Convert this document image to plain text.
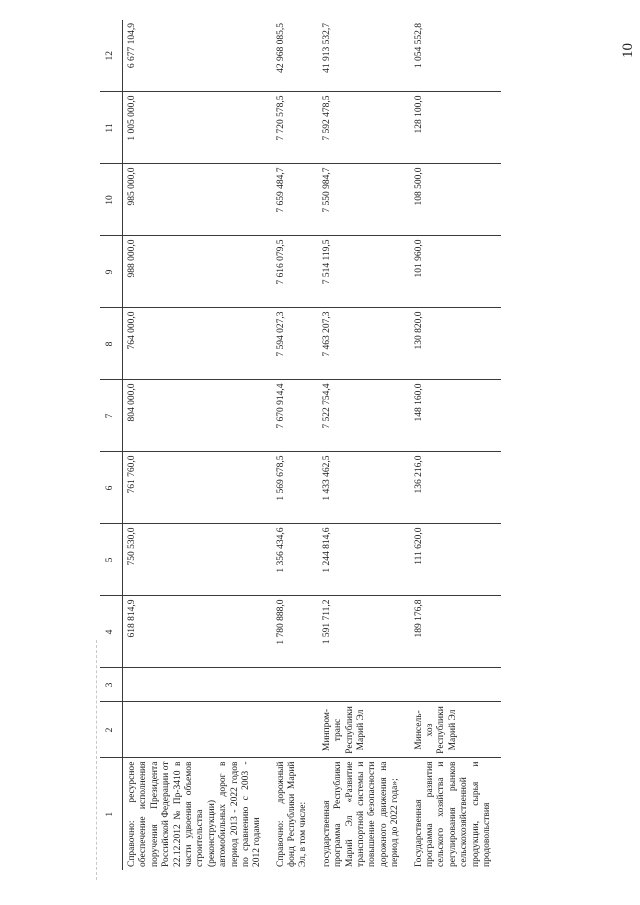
10
1	2	3	4	5	6	7	8	9	10	11	12
Справочно: ресурсное обеспечение исполнения поручения Президента Российской Федерации от 22.12.2012 № Пр-3410 в части удвоения объемов строительства (реконструкции) автомобильных дорог в период 2013 - 2022 годов по сравнению с 2003 - 2012 годами			618 814,9	750 530,0	761 760,0	804 000,0	764 000,0	988 000,0	985 000,0	1 005 000,0	6 677 104,9
Справочно: дорожный фонд Республики Марий Эл, в том числе:			1 780 888,0	1 356 434,6	1 569 678,5	7 670 914,4	7 594 027,3	7 616 079,5	7 659 484,7	7 720 578,5	42 968 085,5
государственная программа Республики Марий Эл «Развитие транспортной системы и повышение безопасности дорожного движения на период до 2022 года»;	Минпром-транс Республики Марий Эл		1 591 711,2	1 244 814,6	1 433 462,5	7 522 754,4	7 463 207,3	7 514 119,5	7 550 984,7	7 592 478,5	41 913 532,7
Государственная программа развития сельского хозяйства и регулирования рынков сельскохозяйственной продукции, сырья и продовольствия	Минсель-хоз Республики Марий Эл		189 176,8	111 620,0	136 216,0	148 160,0	130 820,0	101 960,0	108 500,0	128 100,0	1 054 552,8
